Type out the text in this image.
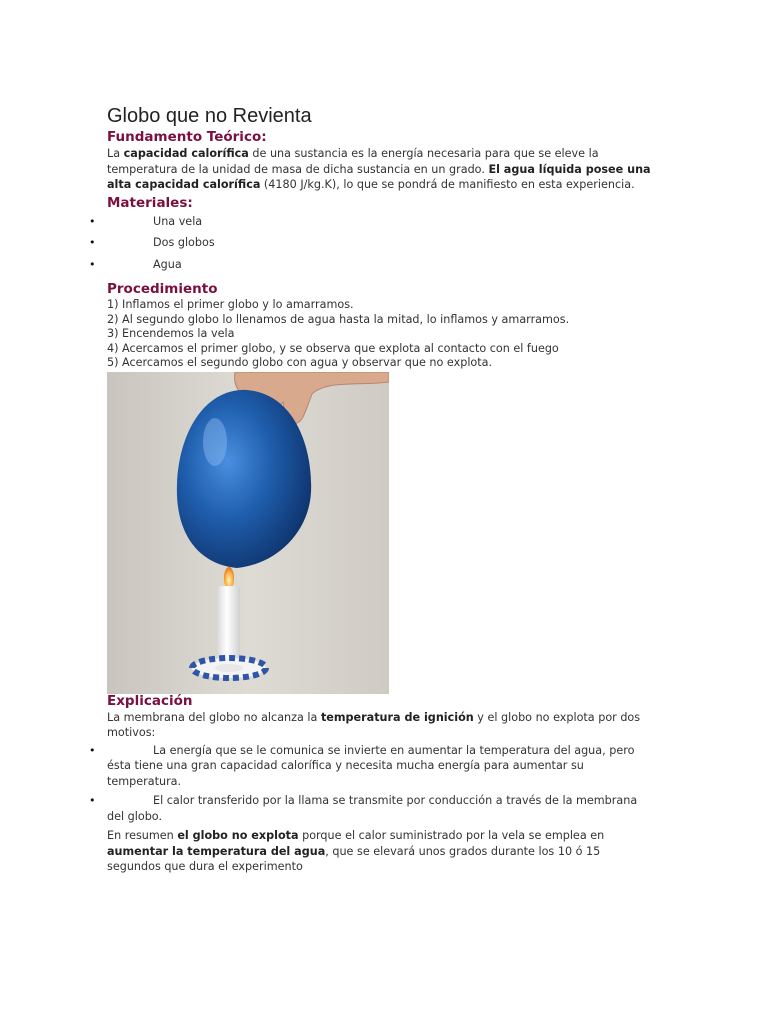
Globo que no Revienta
Fundamento Teórico:

La capacidad calorífica de una sustancia es la energía necesaria para que se eleve la temperatura de la unidad de masa de dicha sustancia en un grado. El agua líquida posee una alta capacidad calorífica (4180 J/kg.K), lo que se pondrá de manifiesto en esta experiencia.

Materiales:
•	Una vela
•	Dos globos
•	Agua
Procedimiento
1) Inflamos el primer globo y lo amarramos.
2) Al segundo globo lo llenamos de agua hasta la mitad, lo inflamos y amarramos.
3) Encendemos la vela
4) Acercamos el primer globo, y se observa que explota al contacto con el fuego
5) Acercamos el segundo globo con agua y observar que no explota.
Explicación

La membrana del globo no alcanza la temperatura de ignición y el globo no explota por dos motivos:

•	La energía que se le comunica se invierte en aumentar la temperatura del agua, pero ésta tiene una gran capacidad calorífica y necesita mucha energía para aumentar su temperatura.
•	El calor transferido por la llama se transmite por conducción a través de la membrana del globo.

En resumen el globo no explota porque el calor suministrado por la vela se emplea en aumentar la temperatura del agua, que se elevará unos grados durante los 10 ó 15 segundos que dura el experimento
